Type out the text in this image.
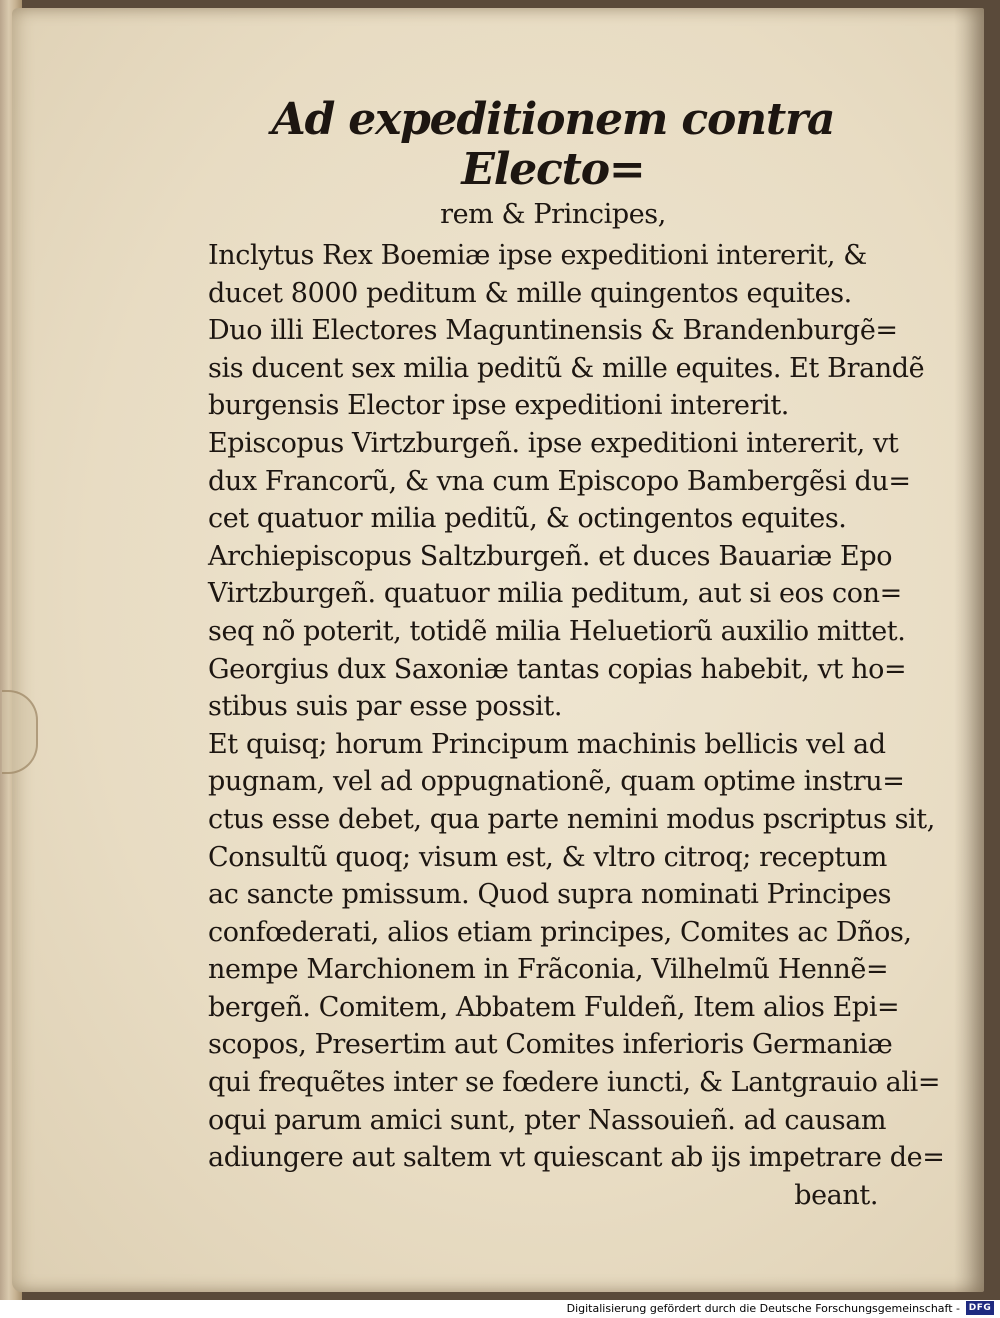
Ad expeditionem contra Electo=
rem & Principes,
Inclytus Rex Boemiæ ipse expeditioni intererit, &
ducet 8000 peditum & mille quingentos equites.
Duo illi Electores Maguntinensis & Brandenburgẽ=
sis ducent sex milia peditũ & mille equites. Et Brandẽ
burgensis Elector ipse expeditioni intererit.
Episcopus Virtzburgeñ. ipse expeditioni intererit, vt
dux Francorũ, & vna cum Episcopo Bambergẽsi du=
cet quatuor milia peditũ, & octingentos equites.
Archiepiscopus Saltzburgeñ. et duces Bauariæ Epo
Virtzburgeñ. quatuor milia peditum, aut si eos con=
seq nõ poterit, totidẽ milia Heluetiorũ auxilio mittet.
Georgius dux Saxoniæ tantas copias habebit, vt ho=
stibus suis par esse possit.
Et quisq; horum Principum machinis bellicis vel ad
pugnam, vel ad oppugnationẽ, quam optime instru=
ctus esse debet, qua parte nemini modus pscriptus sit,
Consultũ quoq; visum est, & vltro citroq; receptum
ac sancte pmissum. Quod supra nominati Principes
confœderati, alios etiam principes, Comites ac Dños,
nempe Marchionem in Frãconia, Vilhelmũ Hennẽ=
bergeñ. Comitem, Abbatem Fuldeñ, Item alios Epi=
scopos, Presertim aut Comites inferioris Germaniæ
qui frequẽtes inter se fœdere iuncti, & Lantgrauio ali=
oqui parum amici sunt, pter Nassouieñ. ad causam
adiungere aut saltem vt quiescant ab ijs impetrare de=
beant.
Digitalisierung gefördert durch die Deutsche Forschungsgemeinschaft - DFG
